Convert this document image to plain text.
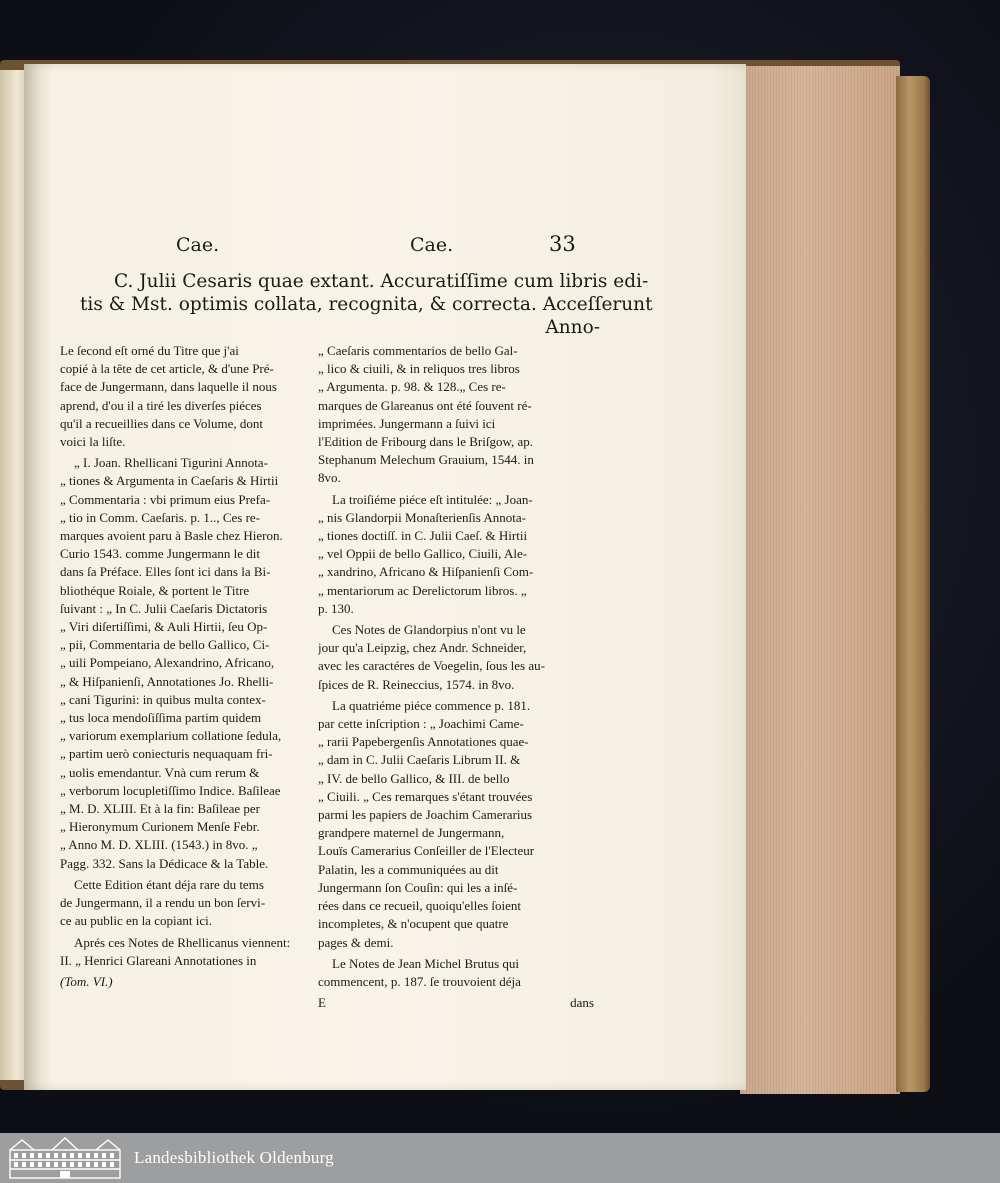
Cae.	Cae.	33
C. Julii Cesaris quae extant. Accuratiſſime cum libris edi-
tis & Mst. optimis collata, recognita, & correcta. Acceſſerunt
Anno-

Le ſecond eſt orné du Titre que j'ai
copié à la tête de cet article, & d'une Pré-
face de Jungermann, dans laquelle il nous
aprend, d'ou il a tiré les diverſes piéces
qu'il a recueillies dans ce Volume, dont
voici la liſte.

„ I. Joan. Rhellicani Tigurini Annota-
„ tiones & Argumenta in Caeſaris & Hirtii
„ Commentaria : vbi primum eius Prefa-
„ tio in Comm. Caeſaris. p. 1.., Ces re-
marques avoient paru à Basle chez Hieron.
Curio 1543. comme Jungermann le dit
dans ſa Préface. Elles ſont ici dans la Bi-
bliothéque Roiale, & portent le Titre
ſuivant : „ In C. Julii Caeſaris Dictatoris
„ Viri diſertiſſimi, & Auli Hirtii, ſeu Op-
„ pii, Commentaria de bello Gallico, Ci-
„ uili Pompeiano, Alexandrino, Africano,
„ & Hiſpanienſi, Annotationes Jo. Rhelli-
„ cani Tigurini: in quibus multa contex-
„ tus loca mendoſiſſima partim quidem
„ variorum exemplarium collatione ſedula,
„ partim uerò coniecturis nequaquam fri-
„ uolis emendantur. Vnà cum rerum &
„ verborum locupletiſſimo Indice. Baſileae
„ M. D. XLIII. Et à la fin: Baſileae per
„ Hieronymum Curionem Menſe Febr.
„ Anno M. D. XLIII. (1543.) in 8vo. „
Pagg. 332. Sans la Dédicace & la Table.

Cette Edition étant déja rare du tems
de Jungermann, il a rendu un bon ſervi-
ce au public en la copiant ici.

Aprés ces Notes de Rhellicanus viennent:
II. „ Henrici Glareani Annotationes in

(Tom. VI.)

„ Caeſaris commentarios de bello Gal-
„ lico & ciuili, & in reliquos tres libros
„ Argumenta. p. 98. & 128.„ Ces re-
marques de Glareanus ont été ſouvent ré-
imprimées. Jungermann a ſuivi ici
l'Edition de Fribourg dans le Briſgow, ap.
Stephanum Melechum Grauium, 1544. in
8vo.

La troiſiéme piéce eſt intitulée: „ Joan-
„ nis Glandorpii Monaſterienſis Annota-
„ tiones doctiſſ. in C. Julii Caeſ. & Hirtii
„ vel Oppii de bello Gallico, Ciuili, Ale-
„ xandrino, Africano & Hiſpanienſi Com-
„ mentariorum ac Derelictorum libros. „
p. 130.

Ces Notes de Glandorpius n'ont vu le
jour qu'a Leipzig, chez Andr. Schneider,
avec les caractéres de Voegelin, ſous les au-
ſpices de R. Reineccius, 1574. in 8vo.

La quatriéme piéce commence p. 181.
par cette inſcription : „ Joachimi Came-
„ rarii Papebergenſis Annotationes quae-
„ dam in C. Julii Caeſaris Librum II. &
„ IV. de bello Gallico, & III. de bello
„ Ciuili. „ Ces remarques s'étant trouvées
parmi les papiers de Joachim Camerarius
grandpere maternel de Jungermann,
Louïs Camerarius Conſeiller de l'Electeur
Palatin, les a communiquées au dit
Jungermann ſon Couſin: qui les a inſé-
rées dans ce recueil, quoiqu'elles ſoient
incompletes, & n'ocupent que quatre
pages & demi.

Le Notes de Jean Michel Brutus qui
commencent, p. 187. ſe trouvoient déja

E	dans
Landesbibliothek Oldenburg
